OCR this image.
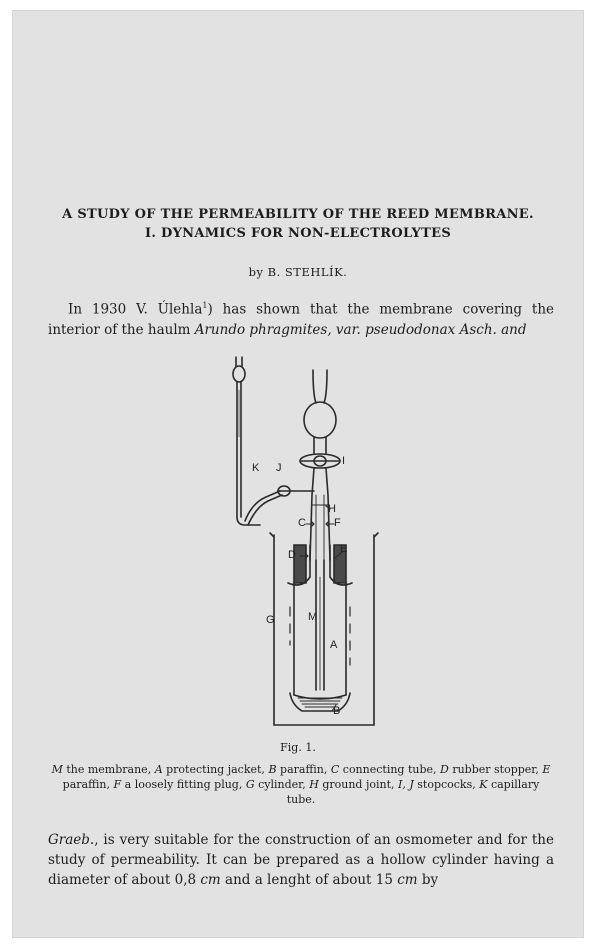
A STUDY OF THE PERMEABILITY OF THE REED MEMBRANE.
I. DYNAMICS FOR NON-ELECTROLYTES
by B. STEHLÍK.
In 1930 V. Úlehla$^1$) has shown that the membrane covering the interior of the haulm Arundo phragmites, var. pseudodonax Asch. and
K J
I
H
C	F
D	E
G	M
A
B
Fig. 1.
M the membrane, A protecting jacket, B paraffin, C connecting tube, D rubber stopper, E paraffin, F a loosely fitting plug, G cylinder, H ground joint, I, J stopcocks, K capillary tube.
Graeb., is very suitable for the construction of an osmometer and for the study of permeability. It can be prepared as a hollow cylinder having a diameter of about 0,8 cm and a lenght of about 15 cm by
